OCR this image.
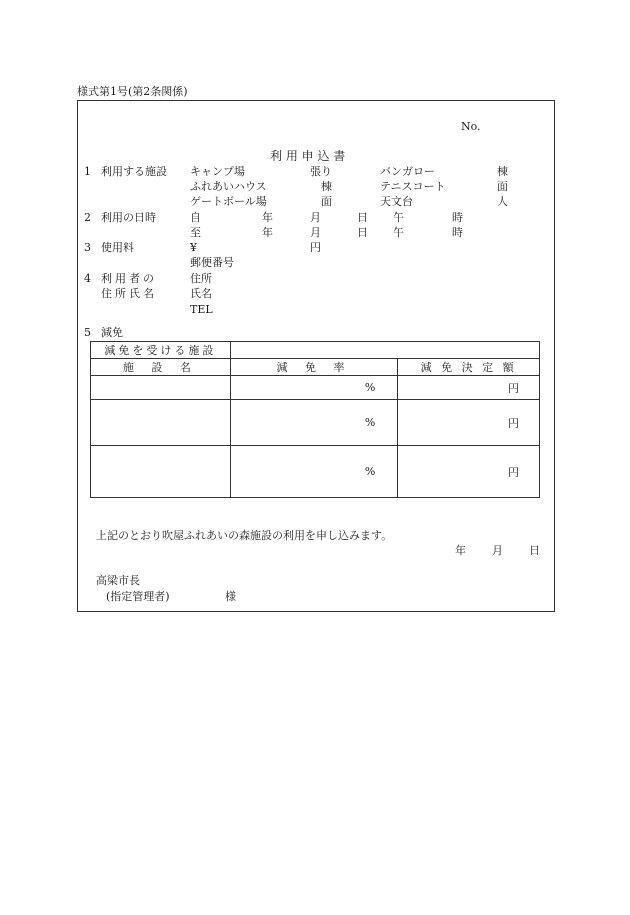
様式第1号(第2条関係)
No.
利 用 申 込 書
1 利用する施設 キャンプ場	張り	バンガロー	棟
ふれあいハウス	棟	テニスコート	面
ゲートボール場	面	天文台	人
2 利用の日時	自	年	月	日 午	時
至	年	月	日 午	時
3 使用料	¥	円
郵便番号
4 利用者の	住所
住所氏名	氏名
TEL
5 減免
減免を受ける施設		
施 設 名	減 免 率	減 免 決 定 額
	%	円
	%	円
	%	円
上記のとおり吹屋ふれあいの森施設の利用を申し込みます。
年 月 日
高梁市長
(指定管理者)	様
